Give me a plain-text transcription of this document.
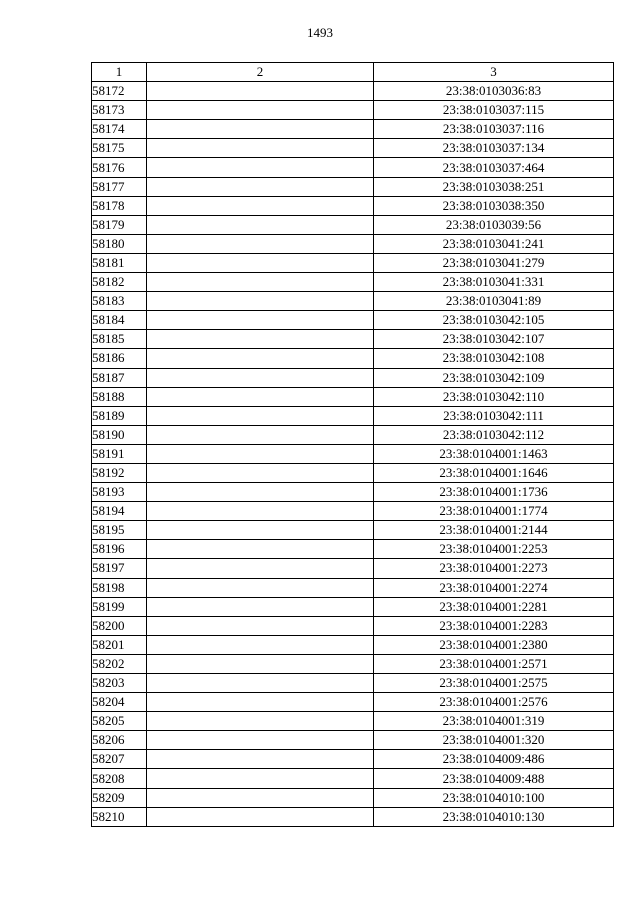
1493
1	2	3
58172		23:38:0103036:83
58173		23:38:0103037:115
58174		23:38:0103037:116
58175		23:38:0103037:134
58176		23:38:0103037:464
58177		23:38:0103038:251
58178		23:38:0103038:350
58179		23:38:0103039:56
58180		23:38:0103041:241
58181		23:38:0103041:279
58182		23:38:0103041:331
58183		23:38:0103041:89
58184		23:38:0103042:105
58185		23:38:0103042:107
58186		23:38:0103042:108
58187		23:38:0103042:109
58188		23:38:0103042:110
58189		23:38:0103042:111
58190		23:38:0103042:112
58191		23:38:0104001:1463
58192		23:38:0104001:1646
58193		23:38:0104001:1736
58194		23:38:0104001:1774
58195		23:38:0104001:2144
58196		23:38:0104001:2253
58197		23:38:0104001:2273
58198		23:38:0104001:2274
58199		23:38:0104001:2281
58200		23:38:0104001:2283
58201		23:38:0104001:2380
58202		23:38:0104001:2571
58203		23:38:0104001:2575
58204		23:38:0104001:2576
58205		23:38:0104001:319
58206		23:38:0104001:320
58207		23:38:0104009:486
58208		23:38:0104009:488
58209		23:38:0104010:100
58210		23:38:0104010:130
